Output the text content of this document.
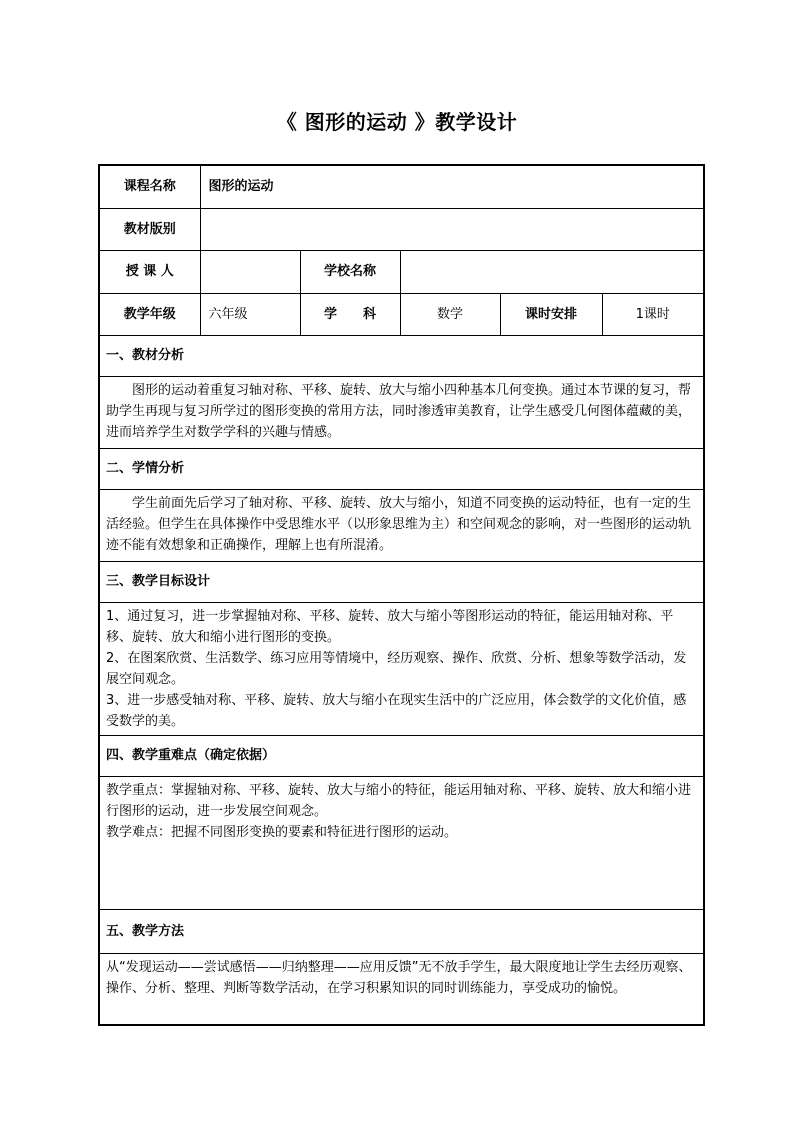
《 图形的运动 》教学设计
课程名称	图形的运动				
教材版别					
授 课 人		学校名称			
教学年级	六年级	学　　科	数学	课时安排	1课时
一、教材分析					

图形的运动着重复习轴对称、平移、旋转、放大与缩小四种基本几何变换。通过本节课的复习，帮助学生再现与复习所学过的图形变换的常用方法，同时渗透审美教育，让学生感受几何图体蕴藏的美，进而培养学生对数学学科的兴趣与情感。					

二、学情分析					

学生前面先后学习了轴对称、平移、旋转、放大与缩小，知道不同变换的运动特征，也有一定的生活经验。但学生在具体操作中受思维水平（以形象思维为主）和空间观念的影响，对一些图形的运动轨迹不能有效想象和正确操作，理解上也有所混淆。					

三、教学目标设计					

1、通过复习，进一步掌握轴对称、平移、旋转、放大与缩小等图形运动的特征，能运用轴对称、平移、旋转、放大和缩小进行图形的变换。

2、在图案欣赏、生活数学、练习应用等情境中，经历观察、操作、欣赏、分析、想象等数学活动，发展空间观念。

3、进一步感受轴对称、平移、旋转、放大与缩小在现实生活中的广泛应用，体会数学的文化价值，感受数学的美。					

四、教学重难点（确定依据）					

教学重点：掌握轴对称、平移、旋转、放大与缩小的特征，能运用轴对称、平移、旋转、放大和缩小进行图形的运动，进一步发展空间观念。

教学难点：把握不同图形变换的要素和特征进行图形的运动。					

五、教学方法					

从“发现运动——尝试感悟——归纳整理——应用反馈”无不放手学生，最大限度地让学生去经历观察、操作、分析、整理、判断等数学活动，在学习积累知识的同时训练能力，享受成功的愉悦。					
